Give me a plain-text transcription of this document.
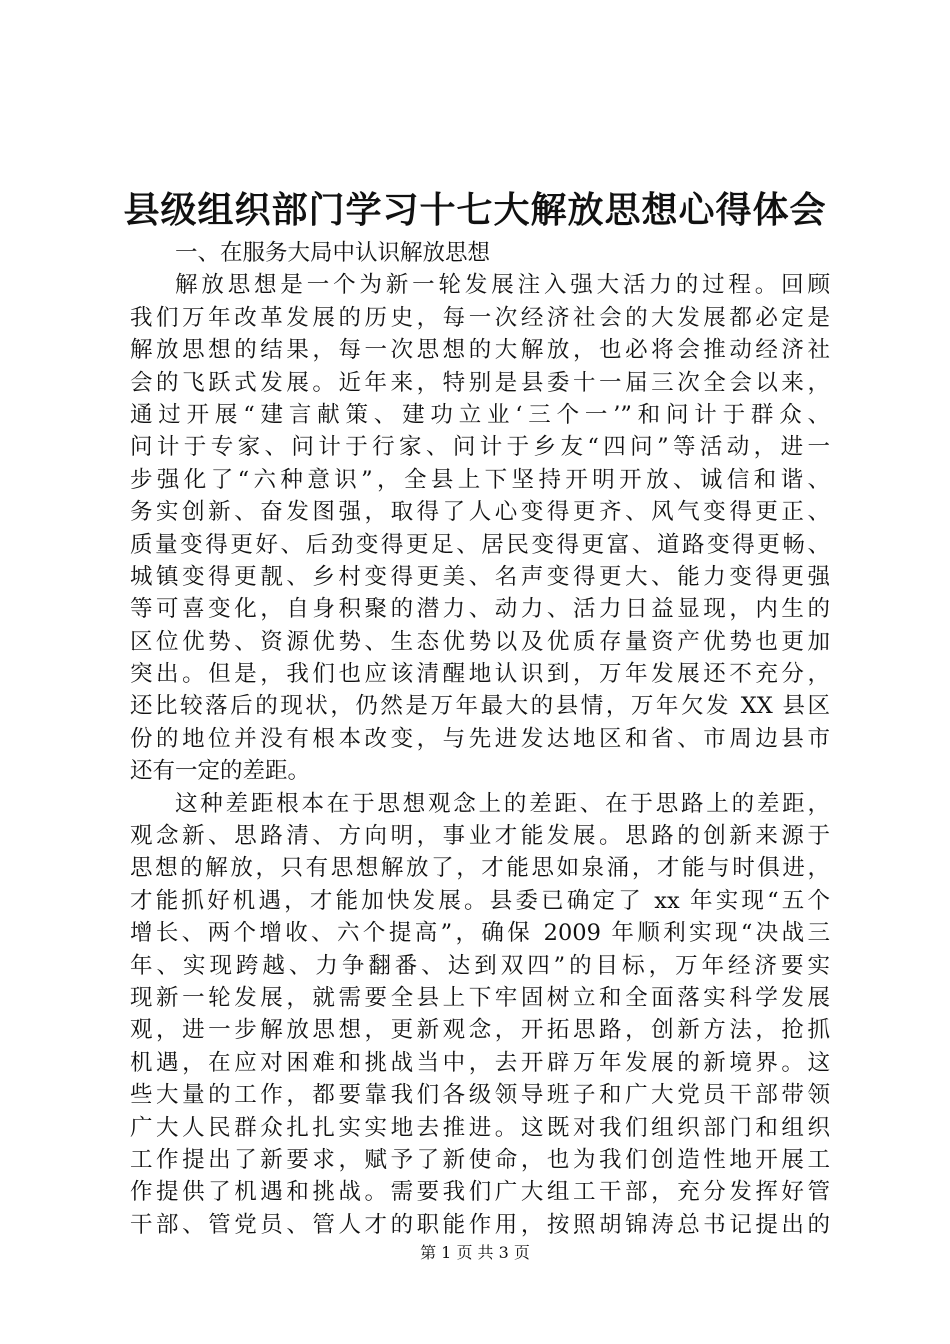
县级组织部门学习十七大解放思想心得体会
一、在服务大局中认识解放思想
解放思想是一个为新一轮发展注入强大活力的过程。回顾
我们万年改革发展的历史，每一次经济社会的大发展都必定是
解放思想的结果，每一次思想的大解放，也必将会推动经济社
会的飞跃式发展。近年来，特别是县委十一届三次全会以来，
通过开展“建言献策、建功立业‘三个一’”和问计于群众、
问计于专家、问计于行家、问计于乡友“四问”等活动，进一
步强化了“六种意识”，全县上下坚持开明开放、诚信和谐、
务实创新、奋发图强，取得了人心变得更齐、风气变得更正、
质量变得更好、后劲变得更足、居民变得更富、道路变得更畅、
城镇变得更靓、乡村变得更美、名声变得更大、能力变得更强
等可喜变化，自身积聚的潜力、动力、活力日益显现，内生的
区位优势、资源优势、生态优势以及优质存量资产优势也更加
突出。但是，我们也应该清醒地认识到，万年发展还不充分，
还比较落后的现状，仍然是万年最大的县情，万年欠发 XX 县区
份的地位并没有根本改变，与先进发达地区和省、市周边县市
还有一定的差距。
这种差距根本在于思想观念上的差距、在于思路上的差距，
观念新、思路清、方向明，事业才能发展。思路的创新来源于
思想的解放，只有思想解放了，才能思如泉涌，才能与时俱进，
才能抓好机遇，才能加快发展。县委已确定了 xx 年实现“五个
增长、两个增收、六个提高”，确保 2009 年顺利实现“决战三
年、实现跨越、力争翻番、达到双四”的目标，万年经济要实
现新一轮发展，就需要全县上下牢固树立和全面落实科学发展
观，进一步解放思想，更新观念，开拓思路，创新方法，抢抓
机遇，在应对困难和挑战当中，去开辟万年发展的新境界。这
些大量的工作，都要靠我们各级领导班子和广大党员干部带领
广大人民群众扎扎实实地去推进。这既对我们组织部门和组织
工作提出了新要求，赋予了新使命，也为我们创造性地开展工
作提供了机遇和挑战。需要我们广大组工干部，充分发挥好管
干部、管党员、管人才的职能作用，按照胡锦涛总书记提出的
第 1 页 共 3 页
